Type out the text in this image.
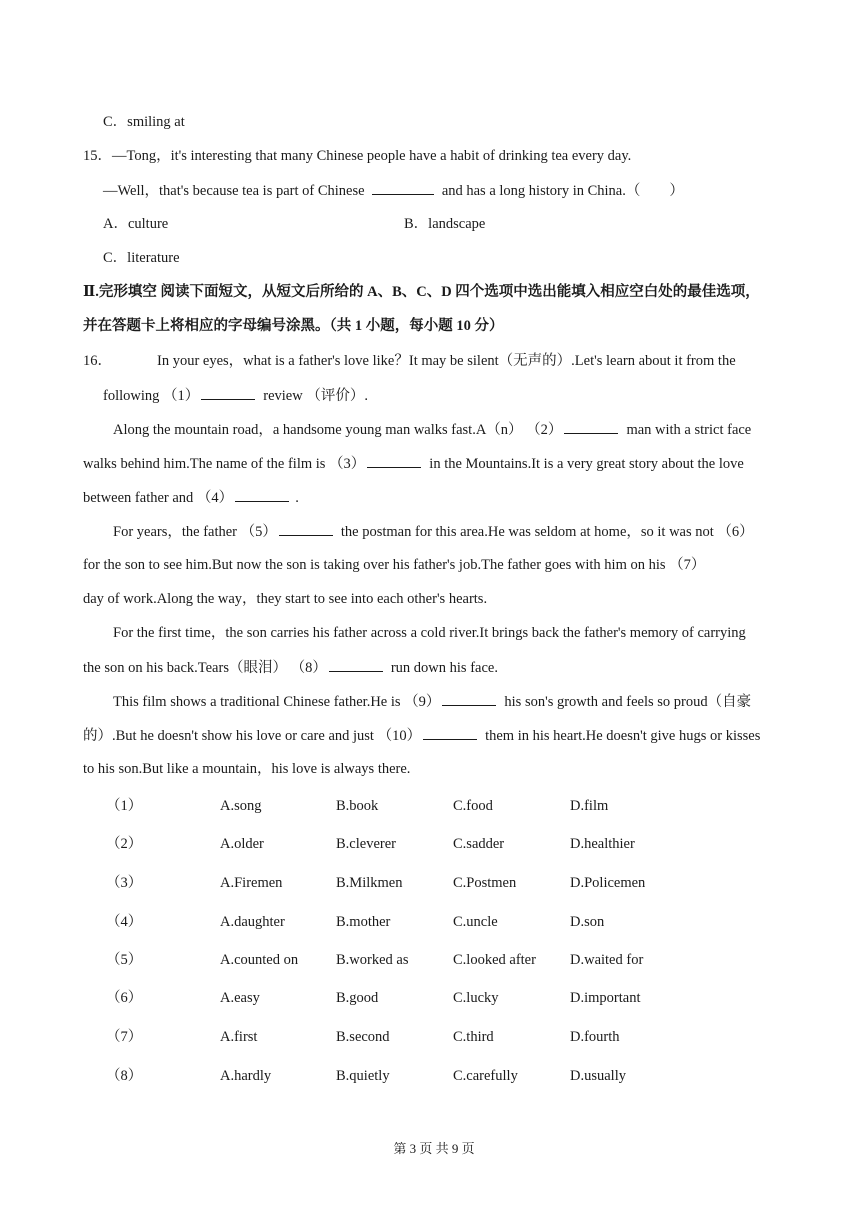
C．smiling at
15．—Tong，it's interesting that many Chinese people have a habit of drinking tea every day.
—Well，that's because tea is part of Chinese	and has a long history in China.（　　）
A．culture	B．landscape
C．literature
Ⅱ.完形填空 阅读下面短文，从短文后所给的 A、B、C、D 四个选项中选出能填入相应空白处的最佳选项，
并在答题卡上将相应的字母编号涂黑。（共 1 小题，每小题 10 分）
16．	In your eyes，what is a father's love like？It may be silent（无声的）.Let's learn about it from the
following （1）	review （评价）.
Along the mountain road，a handsome young man walks fast.A（n） （2）	man with a strict face
walks behind him.The name of the film is （3）	in the Mountains.It is a very great story about the love
between father and （4）	.
For years，the father （5）	the postman for this area.He was seldom at home，so it was not （6）
for the son to see him.But now the son is taking over his father's job.The father goes with him on his （7）
day of work.Along the way，they start to see into each other's hearts.
For the first time，the son carries his father across a cold river.It brings back the father's memory of carrying
the son on his back.Tears（眼泪） （8）	run down his face.
This film shows a traditional Chinese father.He is （9）	his son's growth and feels so proud（自豪
的）.But he doesn't show his love or care and just （10）	them in his heart.He doesn't give hugs or kisses
to his son.But like a mountain，his love is always there.
（1）	A.song	B.book	C.food	D.film
（2）	A.older	B.cleverer	C.sadder	D.healthier
（3）	A.Firemen	B.Milkmen	C.Postmen	D.Policemen
（4）	A.daughter	B.mother	C.uncle	D.son
（5）	A.counted on	B.worked as	C.looked after D.waited for
（6）	A.easy	B.good	C.lucky	D.important
（7）	A.first	B.second	C.third	D.fourth
（8）	A.hardly	B.quietly	C.carefully	D.usually
第 3 页 共 9 页
